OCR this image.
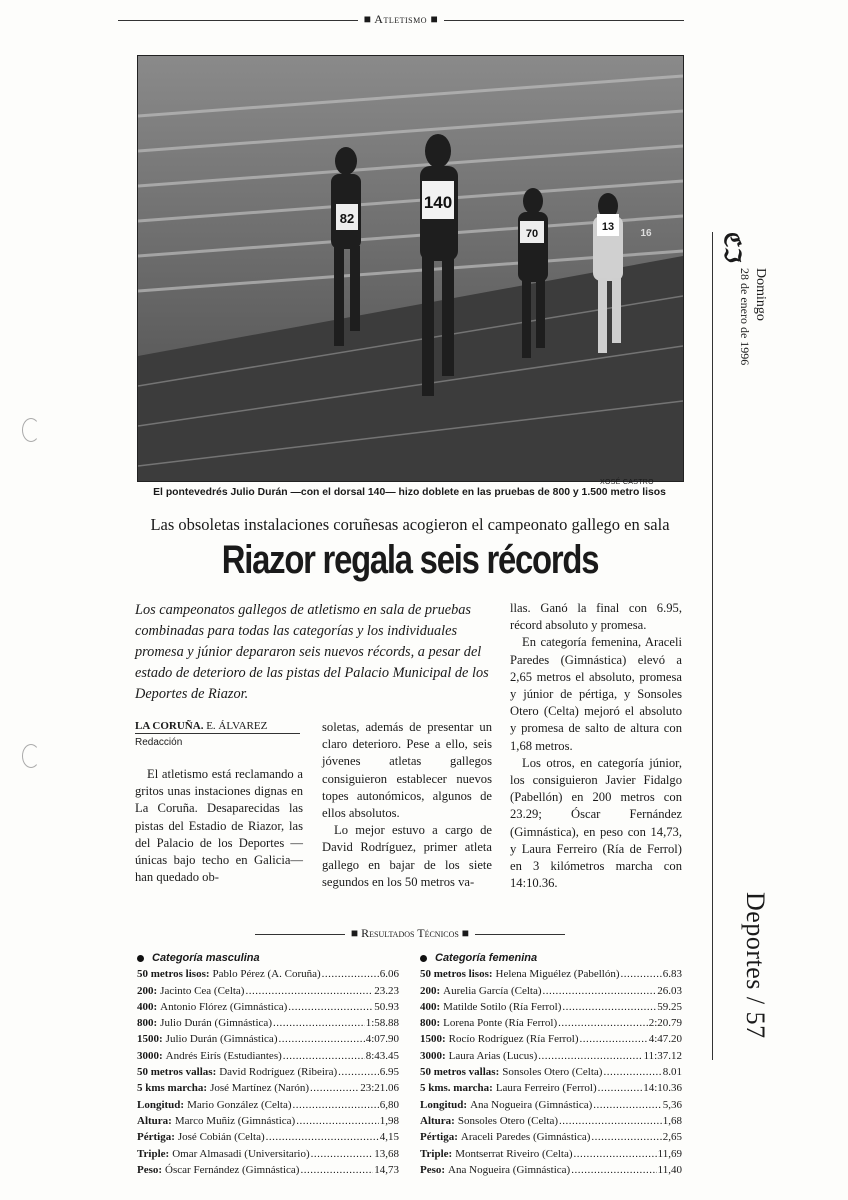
■ Atletismo ■
82
140
70
13
16
XOSÉ CASTRO
El pontevedrés Julio Durán —con el dorsal 140— hizo doblete en las pruebas de 800 y 1.500 metro lisos
Las obsoletas instalaciones coruñesas acogieron el campeonato gallego en sala
Riazor regala seis récords
Los campeonatos gallegos de atletismo en sala de pruebas combinadas para todas las categorías y los individuales promesa y júnior depararon seis nuevos récords, a pesar del estado de deterioro de las pistas del Palacio Municipal de los Deportes de Riazor.
LA CORUÑA. E. ÁLVAREZ
Redacción

El atletismo está reclamando a gritos unas instaciones dignas en La Coruña. Desaparecidas las pistas del Estadio de Riazor, las del Palacio de los Deportes —únicas bajo techo en Galicia— han quedado ob-

soletas, además de presentar un claro deterioro. Pese a ello, seis jóvenes atletas gallegos consiguieron establecer nuevos topes autonómicos, algunos de ellos absolutos.

Lo mejor estuvo a cargo de David Rodríguez, primer atleta gallego en bajar de los siete segundos en los 50 metros va-

llas. Ganó la final con 6.95, récord absoluto y promesa.

En categoría femenina, Araceli Paredes (Gimnástica) elevó a 2,65 metros el absoluto, promesa y júnior de pértiga, y Sonsoles Otero (Celta) mejoró el absoluto y promesa de salto de altura con 1,68 metros.

Los otros, en categoría júnior, los consiguieron Javier Fidalgo (Pabellón) en 200 metros con 23.29; Óscar Fernández (Gimnástica), en peso con 14,73, y Laura Ferreiro (Ría de Ferrol) en 3 kilómetros marcha con 14:10.36.

■ Resultados Técnicos ■
Categoría masculina
50 metros lisos: Pablo Pérez (A. Coruña) .....	6.06
200: Jacinto Cea (Celta) .....	23.23
400: Antonio Flórez (Gimnástica) .....	50.93
800: Julio Durán (Gimnástica) .....	1:58.88
1500: Julio Durán (Gimnástica) .....	4:07.90
3000: Andrés Eirís (Estudiantes) .....	8:43.45
50 metros vallas: David Rodríguez (Ribeira) .....	6.95
5 kms marcha: José Martínez (Narón) .....	23:21.06
Longitud: Mario González (Celta) .....	6,80
Altura: Marco Muñiz (Gimnástica) .....	1,98
Pértiga: José Cobián (Celta) .....	4,15
Triple: Omar Almasadi (Universitario) .....	13,68
Peso: Óscar Fernández (Gimnástica) .....	14,73
Categoría femenina
50 metros lisos: Helena Miguélez (Pabellón) .....	6.83
200: Aurelia García (Celta) .....	26.03
400: Matilde Sotilo (Ría Ferrol) .....	59.25
800: Lorena Ponte (Ría Ferrol) .....	2:20.79
1500: Rocío Rodríguez (Ría Ferrol) .....	4:47.20
3000: Laura Arias (Lucus) .....	11:37.12
50 metros vallas: Sonsoles Otero (Celta) .....	8.01
5 kms. marcha: Laura Ferreiro (Ferrol) .....	14:10.36
Longitud: Ana Nogueira (Gimnástica) .....	5,36
Altura: Sonsoles Otero (Celta) .....	1,68
Pértiga: Araceli Paredes (Gimnástica) .....	2,65
Triple: Montserrat Riveiro (Celta) .....	11,69
Peso: Ana Nogueira (Gimnástica) .....	11,40
ℭℑ
Domingo
28 de enero de 1996
Deportes / 57
